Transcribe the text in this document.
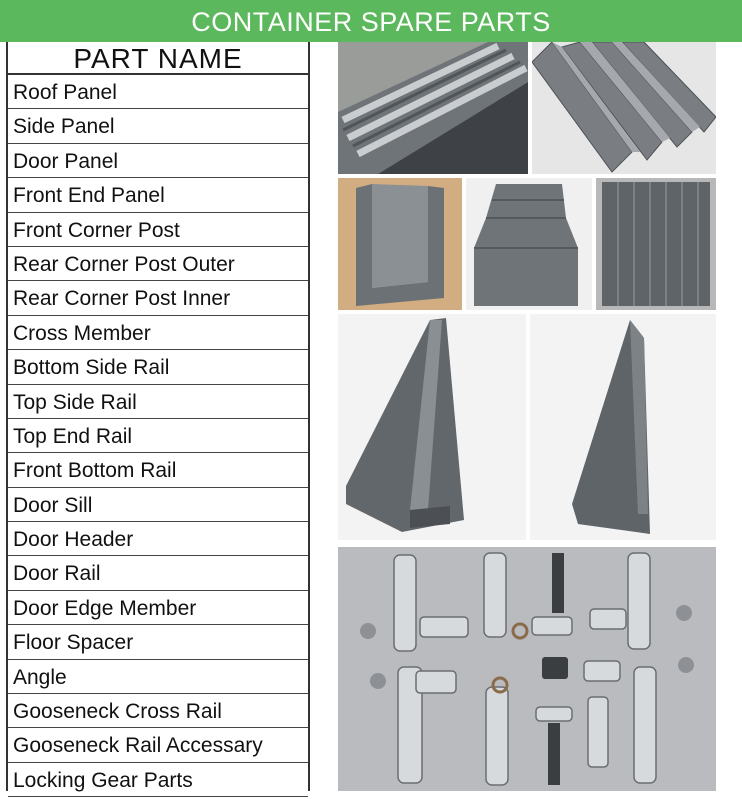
CONTAINER SPARE PARTS
PART NAME
Roof Panel
Side Panel
Door Panel
Front End Panel
Front Corner Post
Rear Corner Post Outer
Rear Corner Post Inner
Cross Member
Bottom Side Rail
Top Side Rail
Top End Rail
Front Bottom Rail
Door Sill
Door Header
Door Rail
Door Edge Member
Floor Spacer
Angle
Gooseneck Cross Rail
Gooseneck Rail Accessary
Locking Gear Parts
